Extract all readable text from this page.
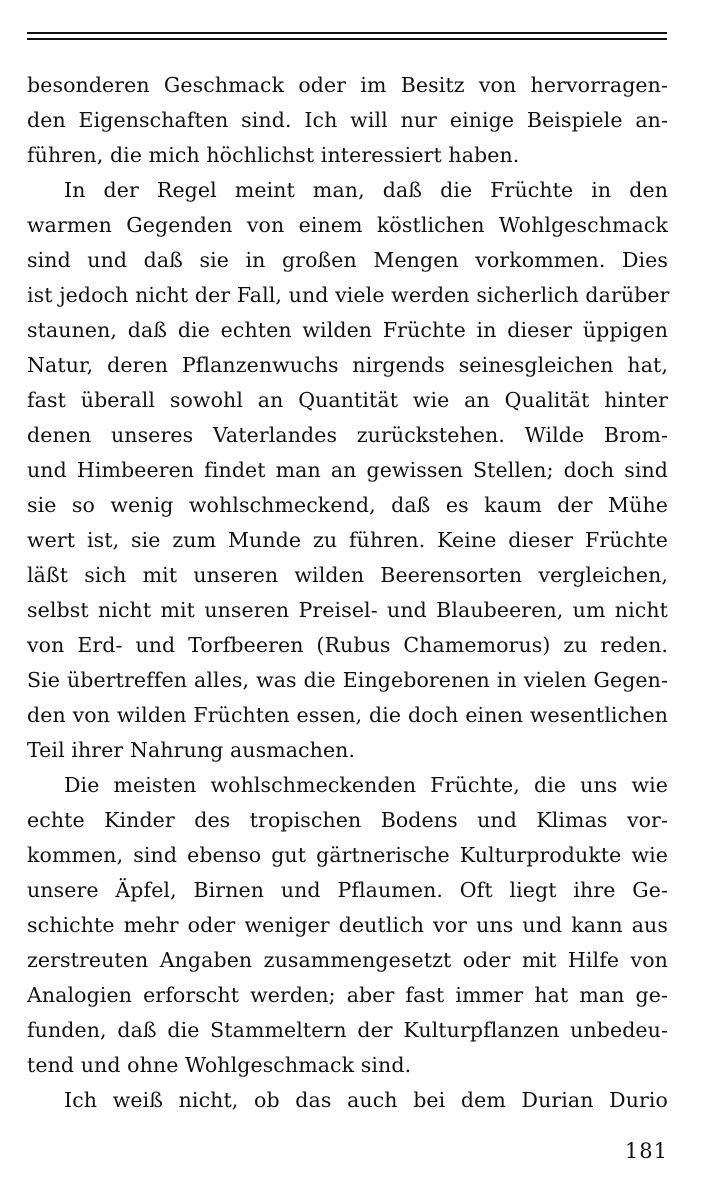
besonderen Geschmack oder im Besitz von hervorragen-
den Eigenschaften sind. Ich will nur einige Beispiele an-
führen, die mich höchlichst interessiert haben.
In der Regel meint man, daß die Früchte in den
warmen Gegenden von einem köstlichen Wohlgeschmack
sind und daß sie in großen Mengen vorkommen. Dies
ist jedoch nicht der Fall, und viele werden sicherlich darüber
staunen, daß die echten wilden Früchte in dieser üppigen
Natur, deren Pflanzenwuchs nirgends seinesgleichen hat,
fast überall sowohl an Quantität wie an Qualität hinter
denen unseres Vaterlandes zurückstehen. Wilde Brom-
und Himbeeren findet man an gewissen Stellen; doch sind
sie so wenig wohlschmeckend, daß es kaum der Mühe
wert ist, sie zum Munde zu führen. Keine dieser Früchte
läßt sich mit unseren wilden Beerensorten vergleichen,
selbst nicht mit unseren Preisel- und Blaubeeren, um nicht
von Erd- und Torfbeeren (Rubus Chamemorus) zu reden.
Sie übertreffen alles, was die Eingeborenen in vielen Gegen-
den von wilden Früchten essen, die doch einen wesentlichen
Teil ihrer Nahrung ausmachen.
Die meisten wohlschmeckenden Früchte, die uns wie
echte Kinder des tropischen Bodens und Klimas vor-
kommen, sind ebenso gut gärtnerische Kulturprodukte wie
unsere Äpfel, Birnen und Pflaumen. Oft liegt ihre Ge-
schichte mehr oder weniger deutlich vor uns und kann aus
zerstreuten Angaben zusammengesetzt oder mit Hilfe von
Analogien erforscht werden; aber fast immer hat man ge-
funden, daß die Stammeltern der Kulturpflanzen unbedeu-
tend und ohne Wohlgeschmack sind.
Ich weiß nicht, ob das auch bei dem Durian Durio
181
